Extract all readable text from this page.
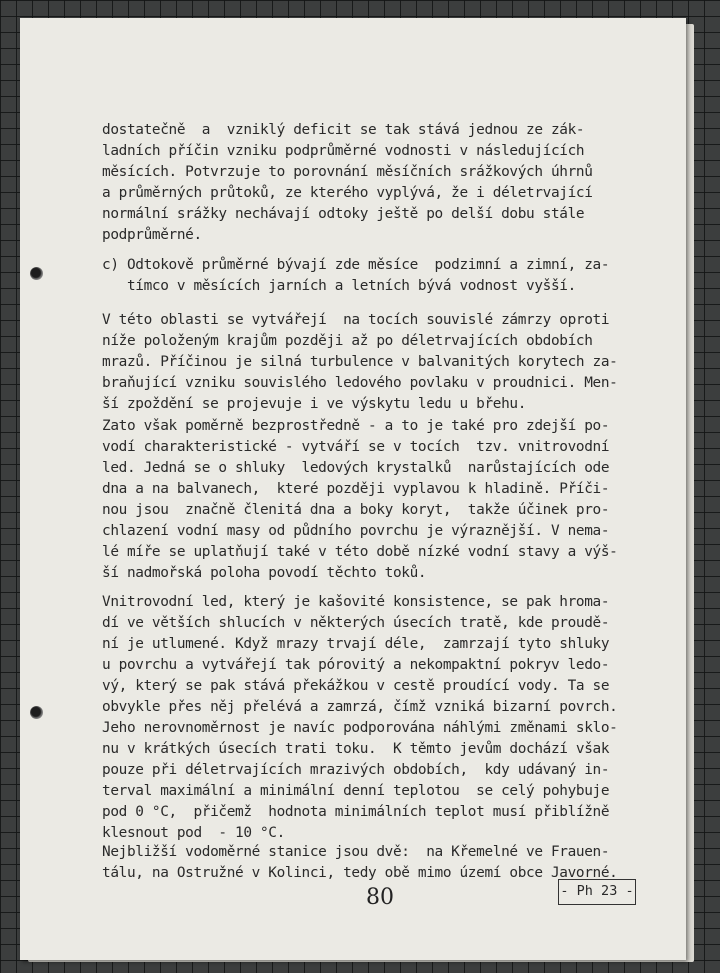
dostatečně  a  vzniklý deficit se tak stává jednou ze zák-
ladních příčin vzniku podprůměrné vodnosti v následujících
měsících. Potvrzuje to porovnání měsíčních srážkových úhrnů
a průměrných průtoků, ze kterého vyplývá, že i déletrvající
normální srážky nechávají odtoky ještě po delší dobu stále
podprůměrné.
c) Odtokově průměrné bývají zde měsíce  podzimní a zimní, za-
tímco v měsících jarních a letních bývá vodnost vyšší.
V této oblasti se vytvářejí  na tocích souvislé zámrzy oproti
níže položeným krajům později až po déletrvajících obdobích
mrazů. Příčinou je silná turbulence v balvanitých korytech za-
braňující vzniku souvislého ledového povlaku v proudnici. Men-
ší zpoždění se projevuje i ve výskytu ledu u břehu.
Zato však poměrně bezprostředně - a to je také pro zdejší po-
vodí charakteristické - vytváří se v tocích  tzv. vnitrovodní
led. Jedná se o shluky  ledových krystalků  narůstajících ode
dna a na balvanech,  které později vyplavou k hladině. Příči-
nou jsou  značně členitá dna a boky koryt,  takže účinek pro-
chlazení vodní masy od půdního povrchu je výraznější. V nema-
lé míře se uplatňují také v této době nízké vodní stavy a výš-
ší nadmořská poloha povodí těchto toků.
Vnitrovodní led, který je kašovité konsistence, se pak hroma-
dí ve větších shlucích v některých úsecích tratě, kde proudě-
ní je utlumené. Když mrazy trvají déle,  zamrzají tyto shluky
u povrchu a vytvářejí tak pórovitý a nekompaktní pokryv ledo-
vý, který se pak stává překážkou v cestě proudící vody. Ta se
obvykle přes něj přelévá a zamrzá, čímž vzniká bizarní povrch.
Jeho nerovnoměrnost je navíc podporována náhlými změnami sklo-
nu v krátkých úsecích trati toku.  K těmto jevům dochází však
pouze při déletrvajících mrazivých obdobích,  kdy udávaný in-
terval maximální a minimální denní teplotou  se celý pohybuje
pod 0 °C,  přičemž  hodnota minimálních teplot musí přiblížně
klesnout pod  - 10 °C.
Nejbližší vodoměrné stanice jsou dvě:  na Křemelné ve Frauen-
tálu, na Ostružné v Kolinci, tedy obě mimo území obce Javorné.
80	- Ph 23 -
